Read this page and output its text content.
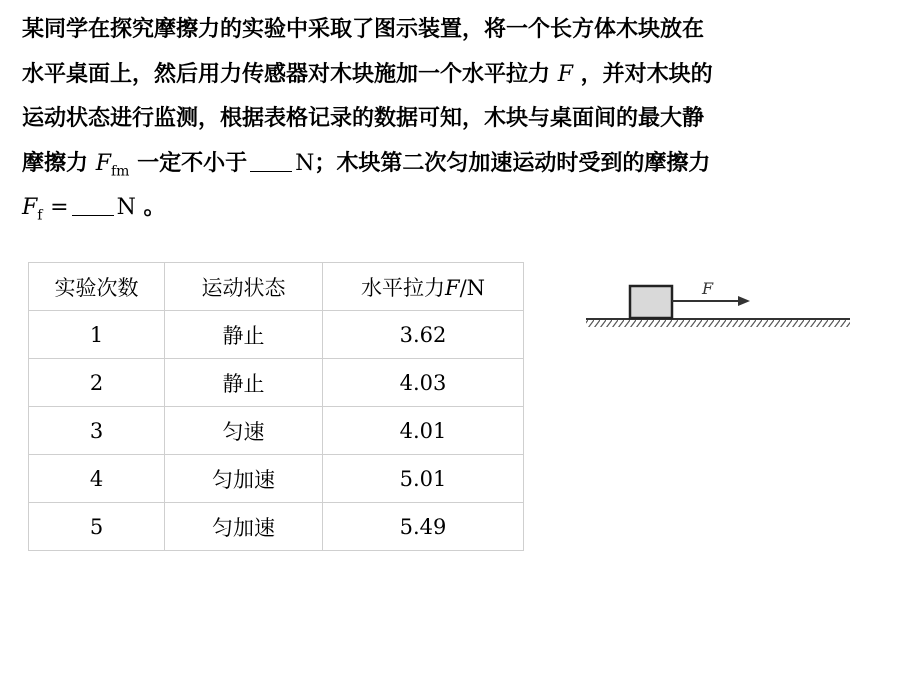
某同学在探究摩擦力的实验中采取了图示装置，将一个长方体木块放在
水平桌面上，然后用力传感器对木块施加一个水平拉力 F ，并对木块的
运动状态进行监测，根据表格记录的数据可知，木块与桌面间的最大静
摩擦力 $F_{fm}$ 一定不小于 N；木块第二次匀加速运动时受到的摩擦力
$F_f = N$ 。
实验次数	运动状态	水平拉力F/N
1	静止	3.62
2	静止	4.03
3	匀速	4.01
4	匀加速	5.01
5	匀加速	5.49
F
